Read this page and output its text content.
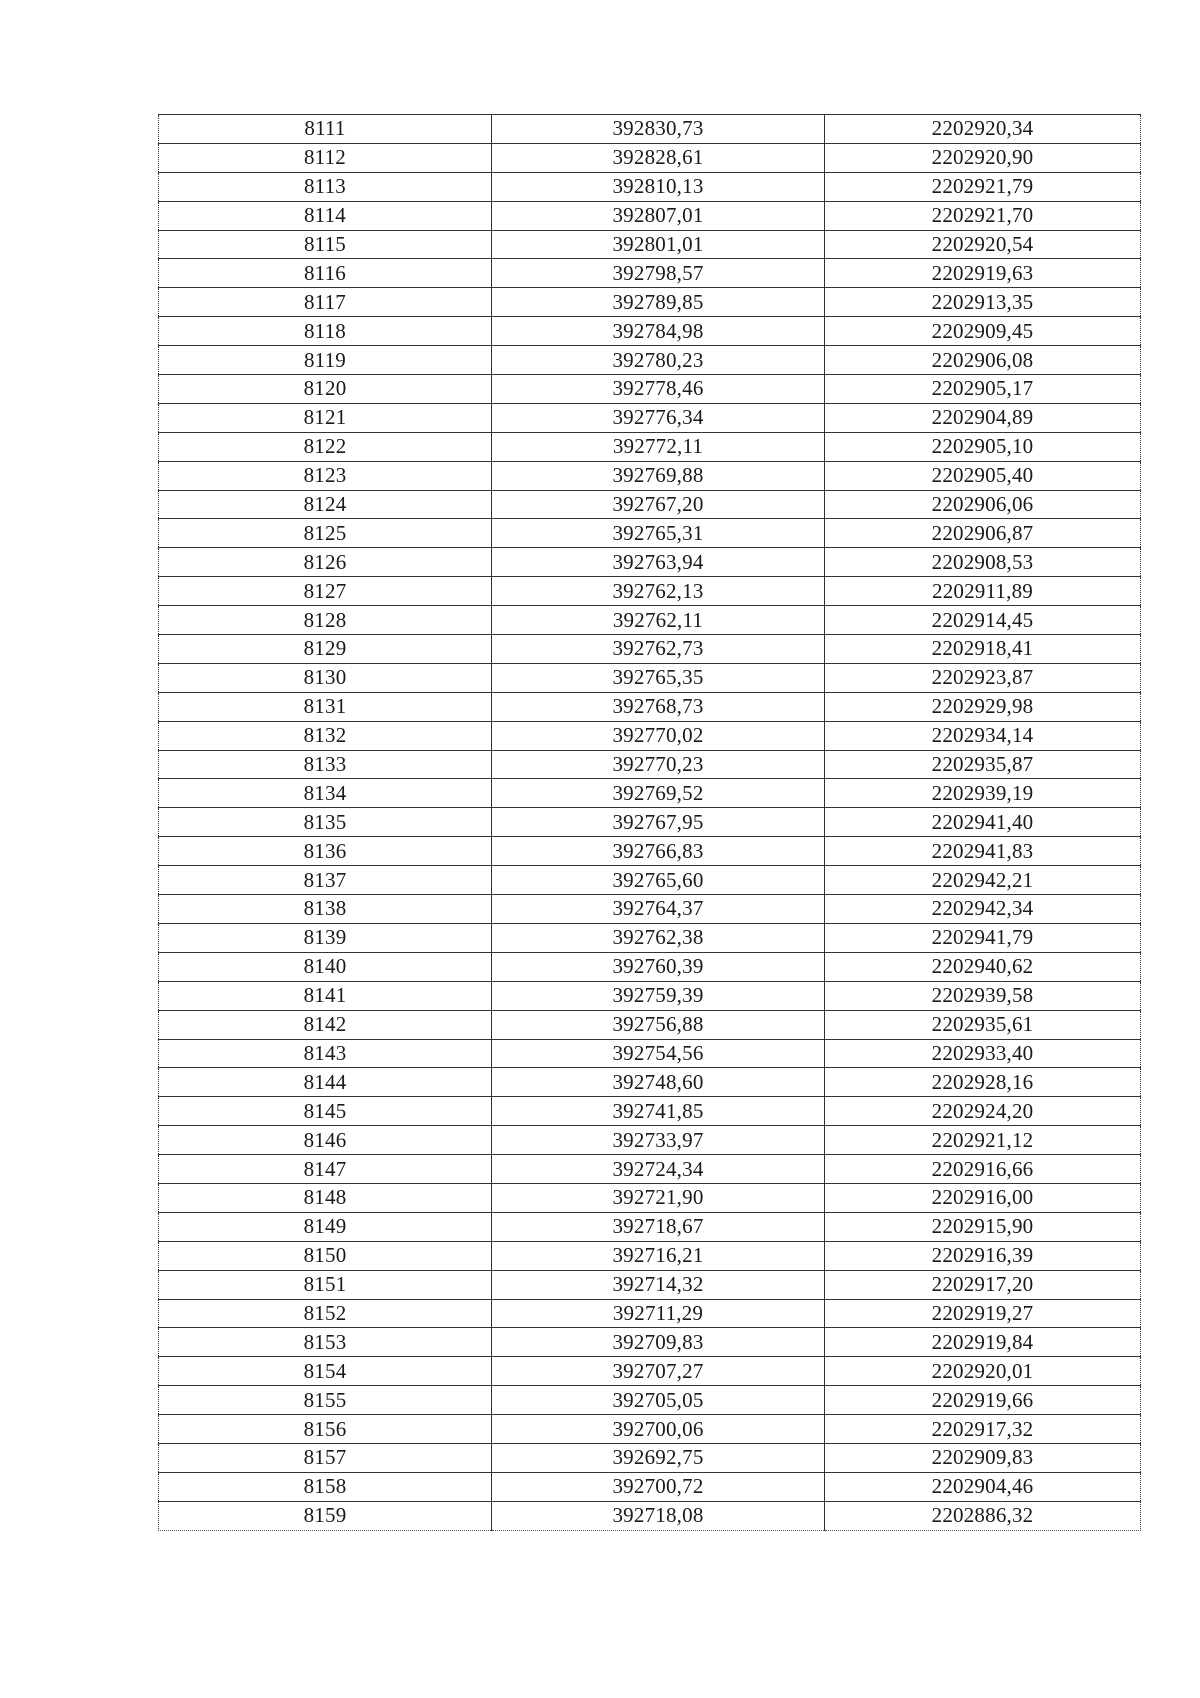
8111	392830,73	2202920,34
8112	392828,61	2202920,90
8113	392810,13	2202921,79
8114	392807,01	2202921,70
8115	392801,01	2202920,54
8116	392798,57	2202919,63
8117	392789,85	2202913,35
8118	392784,98	2202909,45
8119	392780,23	2202906,08
8120	392778,46	2202905,17
8121	392776,34	2202904,89
8122	392772,11	2202905,10
8123	392769,88	2202905,40
8124	392767,20	2202906,06
8125	392765,31	2202906,87
8126	392763,94	2202908,53
8127	392762,13	2202911,89
8128	392762,11	2202914,45
8129	392762,73	2202918,41
8130	392765,35	2202923,87
8131	392768,73	2202929,98
8132	392770,02	2202934,14
8133	392770,23	2202935,87
8134	392769,52	2202939,19
8135	392767,95	2202941,40
8136	392766,83	2202941,83
8137	392765,60	2202942,21
8138	392764,37	2202942,34
8139	392762,38	2202941,79
8140	392760,39	2202940,62
8141	392759,39	2202939,58
8142	392756,88	2202935,61
8143	392754,56	2202933,40
8144	392748,60	2202928,16
8145	392741,85	2202924,20
8146	392733,97	2202921,12
8147	392724,34	2202916,66
8148	392721,90	2202916,00
8149	392718,67	2202915,90
8150	392716,21	2202916,39
8151	392714,32	2202917,20
8152	392711,29	2202919,27
8153	392709,83	2202919,84
8154	392707,27	2202920,01
8155	392705,05	2202919,66
8156	392700,06	2202917,32
8157	392692,75	2202909,83
8158	392700,72	2202904,46
8159	392718,08	2202886,32
